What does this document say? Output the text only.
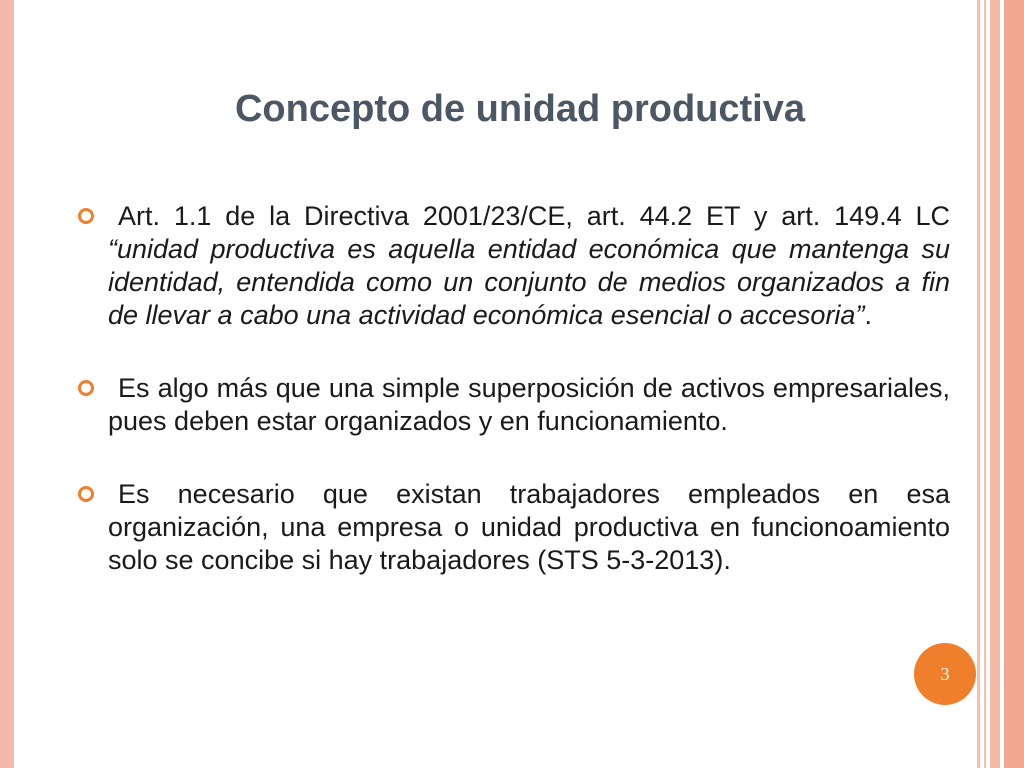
Concepto de unidad productiva
3
Art. 1.1 de la Directiva 2001/23/CE, art. 44.2 ET y art. 149.4 LC “unidad productiva es aquella entidad económica que mantenga su identidad, entendida como un conjunto de medios organizados a fin de llevar a cabo una actividad económica esencial o accesoria”.
Es algo más que una simple superposición de activos empresariales, pues deben estar organizados y en funcionamiento.
Es necesario que existan trabajadores empleados en esa organización, una empresa o unidad productiva en funcionoamiento solo se concibe si hay trabajadores (STS 5-3-2013).
